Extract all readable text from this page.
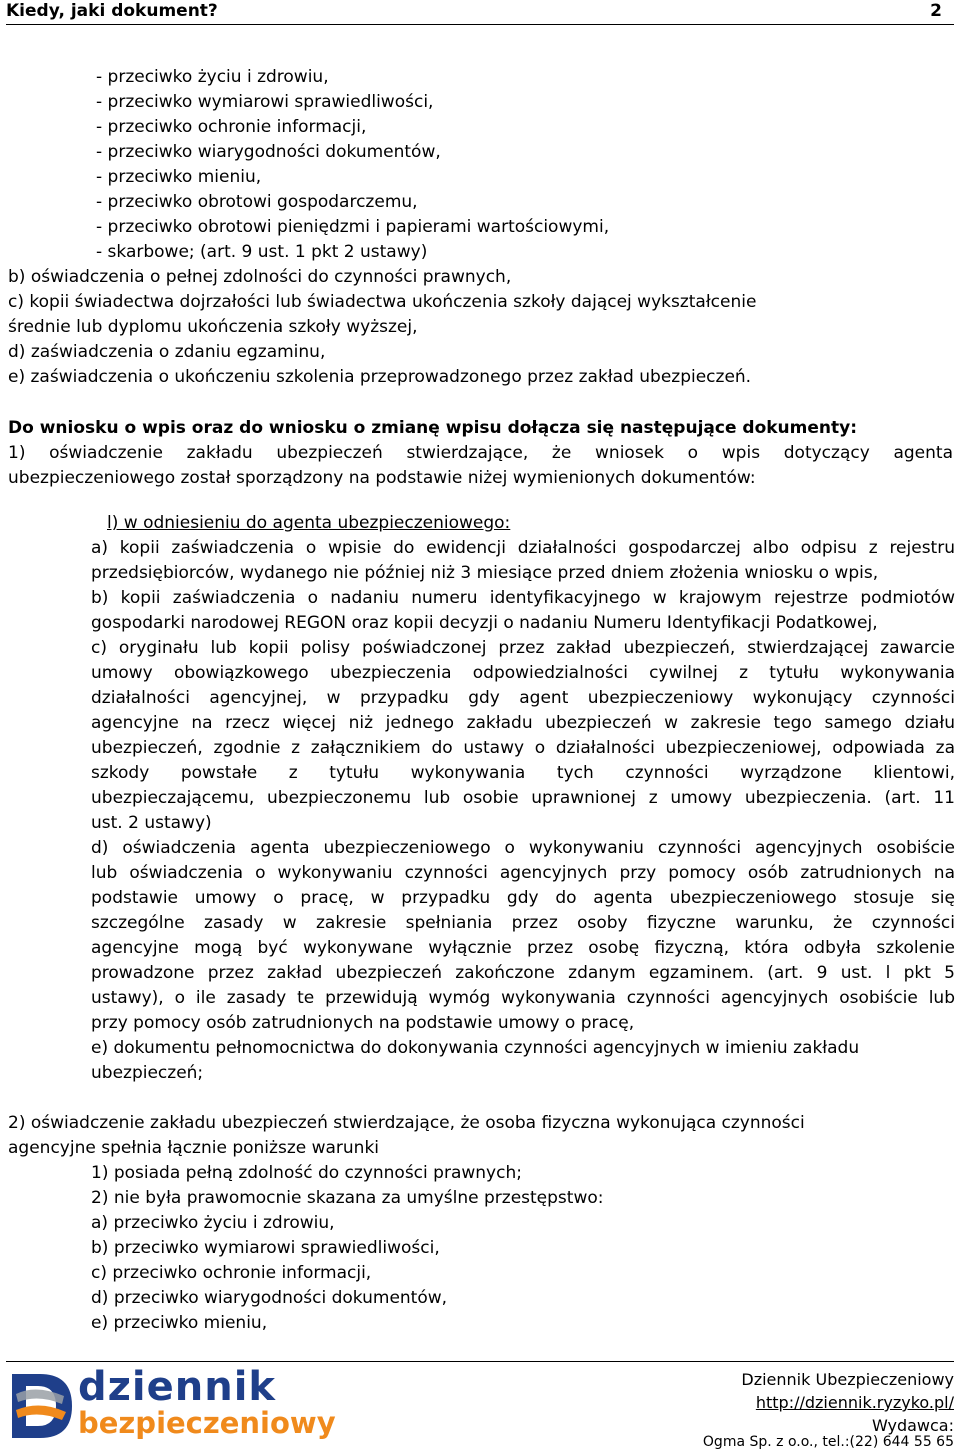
Kiedy, jaki dokument?	2
- przeciwko życiu i zdrowiu,
- przeciwko wymiarowi sprawiedliwości,
- przeciwko ochronie informacji,
- przeciwko wiarygodności dokumentów,
- przeciwko mieniu,
- przeciwko obrotowi gospodarczemu,
- przeciwko obrotowi pieniędzmi i papierami wartościowymi,
- skarbowe; (art. 9 ust. 1 pkt 2 ustawy)
b) oświadczenia o pełnej zdolności do czynności prawnych,
c) kopii świadectwa dojrzałości lub świadectwa ukończenia szkoły dającej wykształcenie
średnie lub dyplomu ukończenia szkoły wyższej,
d) zaświadczenia o zdaniu egzaminu,
e) zaświadczenia o ukończeniu szkolenia przeprowadzonego przez zakład ubezpieczeń.
Do wniosku o wpis oraz do wniosku o zmianę wpisu dołącza się następujące dokumenty:
1) oświadczenie zakładu ubezpieczeń stwierdzające, że wniosek o wpis dotyczący agenta
ubezpieczeniowego został sporządzony na podstawie niżej wymienionych dokumentów:
l) w odniesieniu do agenta ubezpieczeniowego:
a) kopii zaświadczenia o wpisie do ewidencji działalności gospodarczej albo odpisu z rejestru
przedsiębiorców, wydanego nie później niż 3 miesiące przed dniem złożenia wniosku o wpis,
b) kopii zaświadczenia o nadaniu numeru identyfikacyjnego w krajowym rejestrze podmiotów
gospodarki narodowej REGON oraz kopii decyzji o nadaniu Numeru Identyfikacji Podatkowej,
c) oryginału lub kopii polisy poświadczonej przez zakład ubezpieczeń, stwierdzającej zawarcie
umowy obowiązkowego ubezpieczenia odpowiedzialności cywilnej z tytułu wykonywania
działalności agencyjnej, w przypadku gdy agent ubezpieczeniowy wykonujący czynności
agencyjne na rzecz więcej niż jednego zakładu ubezpieczeń w zakresie tego samego działu
ubezpieczeń, zgodnie z załącznikiem do ustawy o działalności ubezpieczeniowej, odpowiada za
szkody powstałe z tytułu wykonywania tych czynności wyrządzone klientowi,
ubezpieczającemu, ubezpieczonemu lub osobie uprawnionej z umowy ubezpieczenia. (art. 11
ust. 2 ustawy)
d) oświadczenia agenta ubezpieczeniowego o wykonywaniu czynności agencyjnych osobiście
lub oświadczenia o wykonywaniu czynności agencyjnych przy pomocy osób zatrudnionych na
podstawie umowy o pracę, w przypadku gdy do agenta ubezpieczeniowego stosuje się
szczególne zasady w zakresie spełniania przez osoby fizyczne warunku, że czynności
agencyjne mogą być wykonywane wyłącznie przez osobę fizyczną, która odbyła szkolenie
prowadzone przez zakład ubezpieczeń zakończone zdanym egzaminem. (art. 9 ust. l pkt 5
ustawy), o ile zasady te przewidują wymóg wykonywania czynności agencyjnych osobiście lub
przy pomocy osób zatrudnionych na podstawie umowy o pracę,
e) dokumentu pełnomocnictwa do dokonywania czynności agencyjnych w imieniu zakładu
ubezpieczeń;
2) oświadczenie zakładu ubezpieczeń stwierdzające, że osoba fizyczna wykonująca czynności
agencyjne spełnia łącznie poniższe warunki
1) posiada pełną zdolność do czynności prawnych;
2) nie była prawomocnie skazana za umyślne przestępstwo:
a) przeciwko życiu i zdrowiu,
b) przeciwko wymiarowi sprawiedliwości,
c) przeciwko ochronie informacji,
d) przeciwko wiarygodności dokumentów,
e) przeciwko mieniu,
dziennik
bezpieczeniowy
Dziennik Ubezpieczeniowy
http://dziennik.ryzyko.pl/
Wydawca:
Ogma Sp. z o.o., tel.:(22) 644 55 65
